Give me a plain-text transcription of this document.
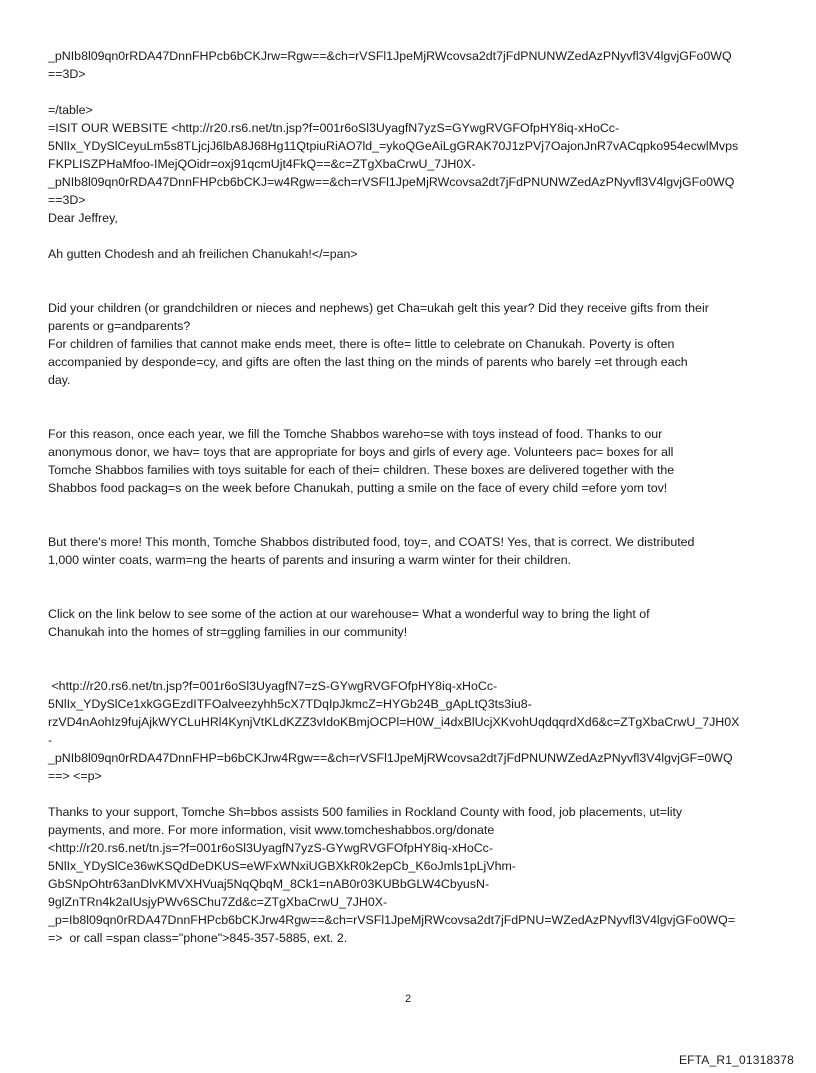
_pNIb8l09qn0rRDA47DnnFHPcb6bCKJrw=Rgw==&ch=rVSFl1JpeMjRWcovsa2dt7jFdPNUNWZedAzPNyvfl3V4lgvjGFo0WQ
==3D>
=/table>
=ISIT OUR WEBSITE <http://r20.rs6.net/tn.jsp?f=001r6oSl3UyagfN7yzS=GYwgRVGFOfpHY8iq-xHoCc-
5NlIx_YDySlCeyuLm5s8TLjcjJ6lbA8J68Hg11QtpiuRiAO7ld_=ykoQGeAiLgGRAK70J1zPVj7OajonJnR7vACqpko954ecwlMvps
FKPLISZPHaMfoo-IMejQOidr=oxj91qcmUjt4FkQ==&c=ZTgXbaCrwU_7JH0X-
_pNIb8l09qn0rRDA47DnnFHPcb6bCKJ=w4Rgw==&ch=rVSFl1JpeMjRWcovsa2dt7jFdPNUNWZedAzPNyvfl3V4lgvjGFo0WQ
==3D>
Dear Jeffrey,
Ah gutten Chodesh and ah freilichen Chanukah!</=pan>
Did your children (or grandchildren or nieces and nephews) get Cha=ukah gelt this year? Did they receive gifts from their
parents or g=andparents?
For children of families that cannot make ends meet, there is ofte= little to celebrate on Chanukah. Poverty is often
accompanied by desponde=cy, and gifts are often the last thing on the minds of parents who barely =et through each
day.
For this reason, once each year, we fill the Tomche Shabbos wareho=se with toys instead of food. Thanks to our
anonymous donor, we hav= toys that are appropriate for boys and girls of every age. Volunteers pac= boxes for all
Tomche Shabbos families with toys suitable for each of thei= children. These boxes are delivered together with the
Shabbos food packag=s on the week before Chanukah, putting a smile on the face of every child =efore yom tov!
But there's more! This month, Tomche Shabbos distributed food, toy=, and COATS! Yes, that is correct. We distributed
1,000 winter coats, warm=ng the hearts of parents and insuring a warm winter for their children.
Click on the link below to see some of the action at our warehouse= What a wonderful way to bring the light of
Chanukah into the homes of str=ggling families in our community!
<http://r20.rs6.net/tn.jsp?f=001r6oSl3UyagfN7=zS-GYwgRVGFOfpHY8iq-xHoCc-
5NlIx_YDySlCe1xkGGEzdITFOalveezyhh5cX7TDqIpJkmcZ=HYGb24B_gApLtQ3ts3iu8-
rzVD4nAohIz9fujAjkWYCLuHRl4KynjVtKLdKZZ3vIdoKBmjOCPl=H0W_i4dxBlUcjXKvohUqdqqrdXd6&c=ZTgXbaCrwU_7JH0X
-
_pNIb8l09qn0rRDA47DnnFHP=b6bCKJrw4Rgw==&ch=rVSFl1JpeMjRWcovsa2dt7jFdPNUNWZedAzPNyvfl3V4lgvjGF=0WQ
==> <=p>
Thanks to your support, Tomche Sh=bbos assists 500 families in Rockland County with food, job placements, ut=lity
payments, and more. For more information, visit www.tomcheshabbos.org/donate
<http://r20.rs6.net/tn.js=?f=001r6oSl3UyagfN7yzS-GYwgRVGFOfpHY8iq-xHoCc-
5NlIx_YDySlCe36wKSQdDeDKUS=eWFxWNxiUGBXkR0k2epCb_K6oJmls1pLjVhm-
GbSNpOhtr63anDlvKMVXHVuaj5NqQbqM_8Ck1=nAB0r03KUBbGLW4CbyusN-
9glZnTRn4k2aIUsjyPWv6SChu7Zd&c=ZTgXbaCrwU_7JH0X-
_p=Ib8l09qn0rRDA47DnnFHPcb6bCKJrw4Rgw==&ch=rVSFl1JpeMjRWcovsa2dt7jFdPNU=WZedAzPNyvfl3V4lgvjGFo0WQ=
=>  or call =span class="phone">845-357-5885, ext. 2.
2
EFTA_R1_01318378
